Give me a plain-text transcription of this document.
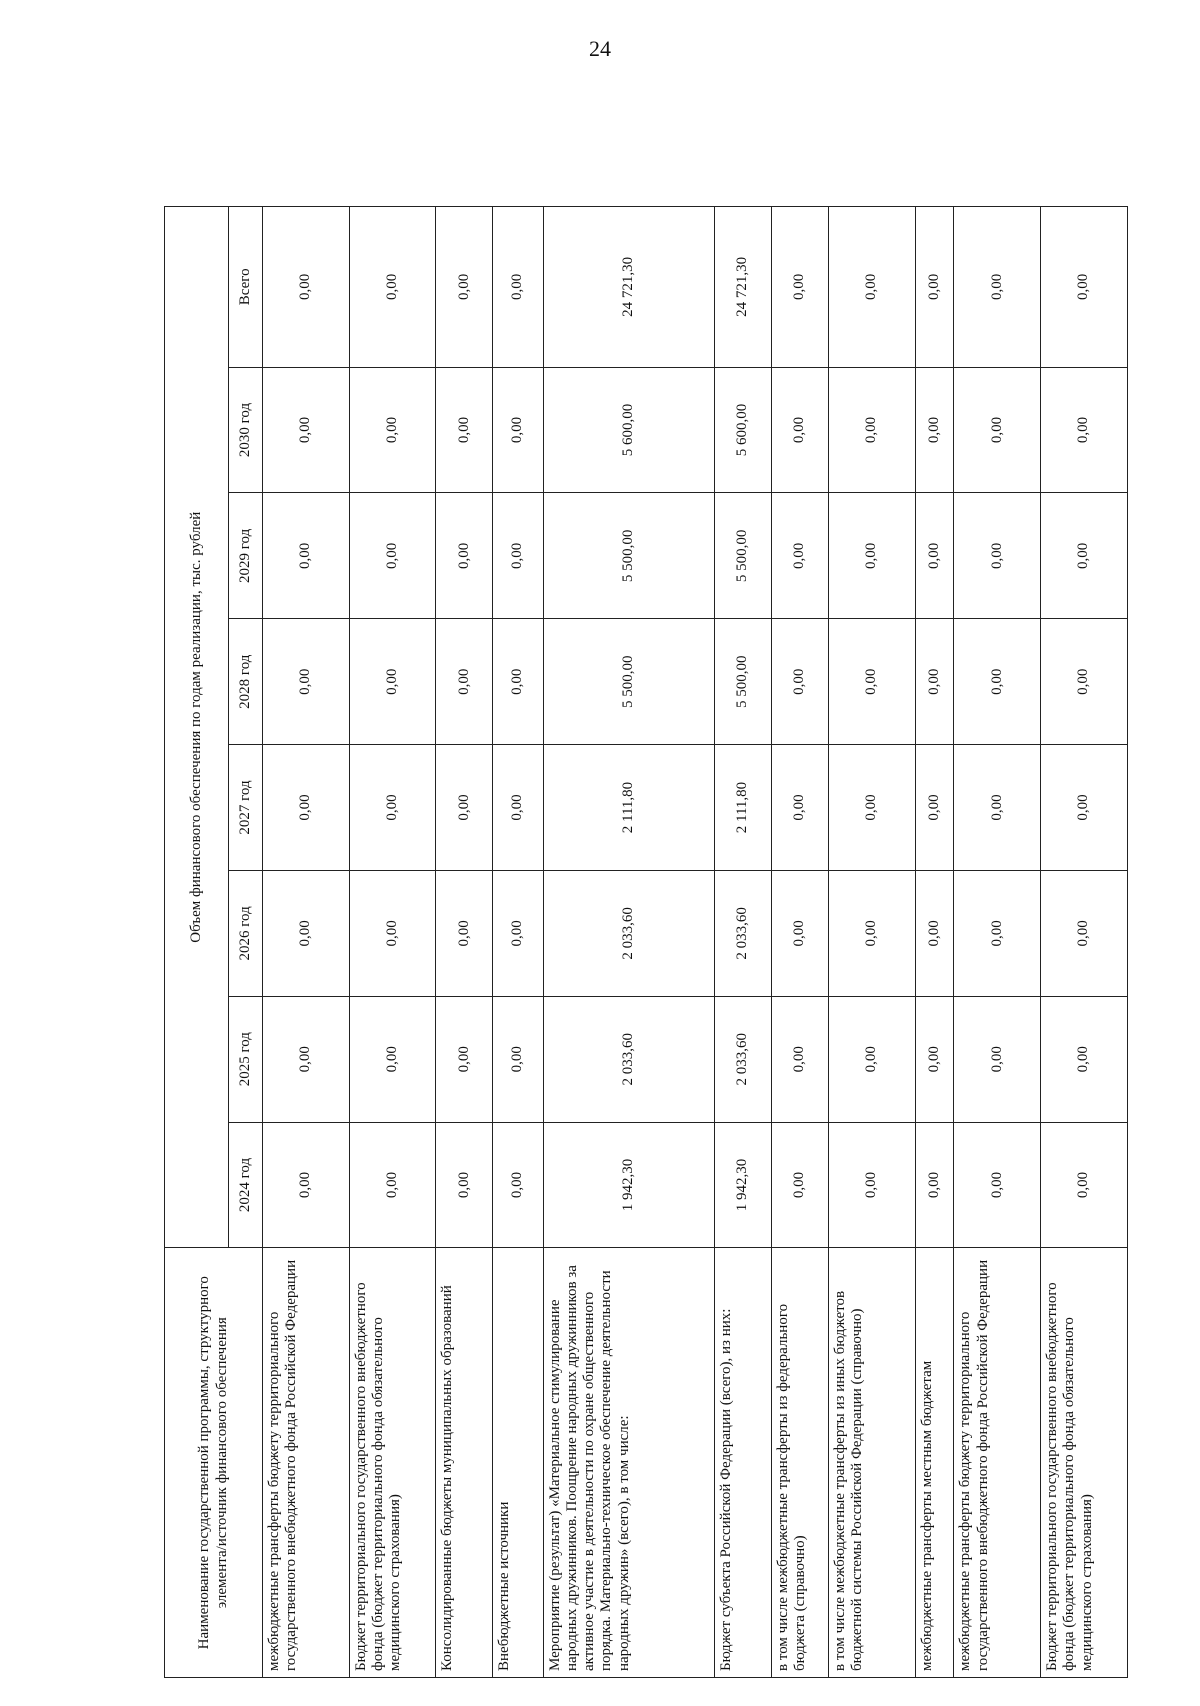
24
Наименование государственной программы, структурного элемента/источник финансового обеспечения	Объем финансового обеспечения по годам реализации, тыс. рублей							
	2024 год	2025 год	2026 год	2027 год	2028 год	2029 год	2030 год	Всего
межбюджетные трансферты бюджету территориального государственного внебюджетного фонда Российской Федерации	0,00	0,00	0,00	0,00	0,00	0,00	0,00	0,00
Бюджет территориального государственного внебюджетного фонда (бюджет территориального фонда обязательного медицинского страхования)	0,00	0,00	0,00	0,00	0,00	0,00	0,00	0,00
Консолидированные бюджеты муниципальных образований	0,00	0,00	0,00	0,00	0,00	0,00	0,00	0,00
Внебюджетные источники	0,00	0,00	0,00	0,00	0,00	0,00	0,00	0,00
Мероприятие (результат) «Материальное стимулирование народных дружинников. Поощрение народных дружинников за активное участие в деятельности по охране общественного порядка. Материально-техническое обеспечение деятельности народных дружин» (всего), в том числе:	1 942,30	2 033,60	2 033,60	2 111,80	5 500,00	5 500,00	5 600,00	24 721,30
Бюджет субъекта Российской Федерации (всего), из них:	1 942,30	2 033,60	2 033,60	2 111,80	5 500,00	5 500,00	5 600,00	24 721,30
в том числе межбюджетные трансферты из федерального бюджета (справочно)	0,00	0,00	0,00	0,00	0,00	0,00	0,00	0,00
в том числе межбюджетные трансферты из иных бюджетов бюджетной системы Российской Федерации (справочно)	0,00	0,00	0,00	0,00	0,00	0,00	0,00	0,00
межбюджетные трансферты местным бюджетам	0,00	0,00	0,00	0,00	0,00	0,00	0,00	0,00
межбюджетные трансферты бюджету территориального государственного внебюджетного фонда Российской Федерации	0,00	0,00	0,00	0,00	0,00	0,00	0,00	0,00
Бюджет территориального государственного внебюджетного фонда (бюджет территориального фонда обязательного медицинского страхования)	0,00	0,00	0,00	0,00	0,00	0,00	0,00	0,00
